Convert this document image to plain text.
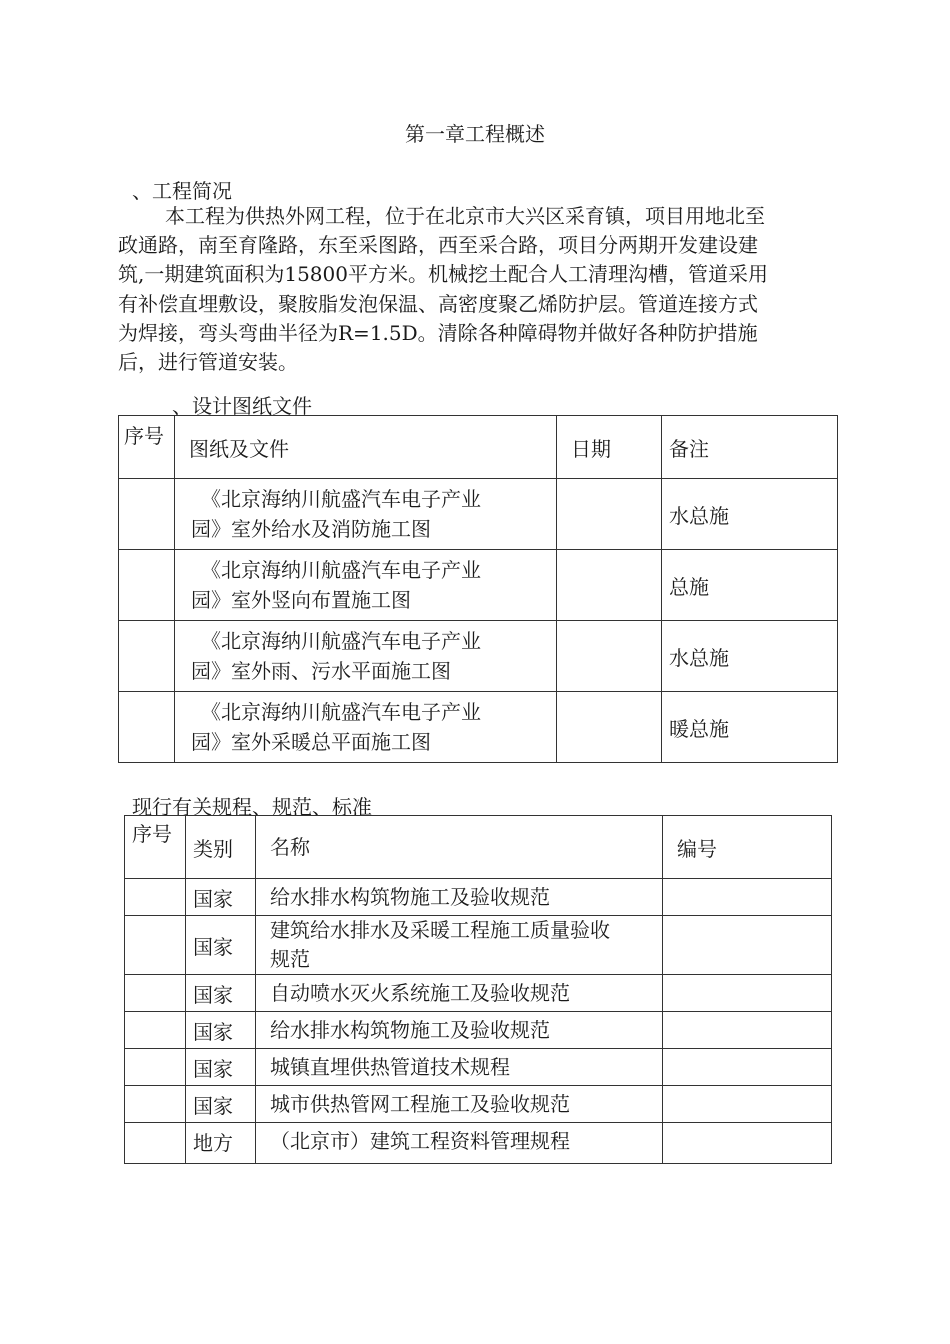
第一章工程概述
、工程简况
本工程为供热外网工程，位于在北京市大兴区采育镇，项目用地北至
政通路，南至育隆路，东至采图路，西至采合路，项目分两期开发建设建
筑,一期建筑面积为15800平方米。机械挖土配合人工清理沟槽，管道采用
有补偿直埋敷设，聚胺脂发泡保温、高密度聚乙烯防护层。管道连接方式
为焊接，弯头弯曲半径为R=1.5D。清除各种障碍物并做好各种防护措施
后，进行管道安装。
、设计图纸文件
序号	图纸及文件	日期	备注

	《北京海纳川航盛汽车电子产业
园》室外给水及消防施工图		水总施

	《北京海纳川航盛汽车电子产业
园》室外竖向布置施工图		总施

	《北京海纳川航盛汽车电子产业
园》室外雨、污水平面施工图		水总施

	《北京海纳川航盛汽车电子产业
园》室外采暖总平面施工图		暖总施
现行有关规程、规范、标准
序号	类别	名称	编号
	国家	给水排水构筑物施工及验收规范	
	国家	建筑给水排水及采暖工程施工质量验收
规范	

	国家	自动喷水灭火系统施工及验收规范	
	国家	给水排水构筑物施工及验收规范	
	国家	城镇直埋供热管道技术规程	
	国家	城市供热管网工程施工及验收规范	
	地方	（北京市）建筑工程资料管理规程	
